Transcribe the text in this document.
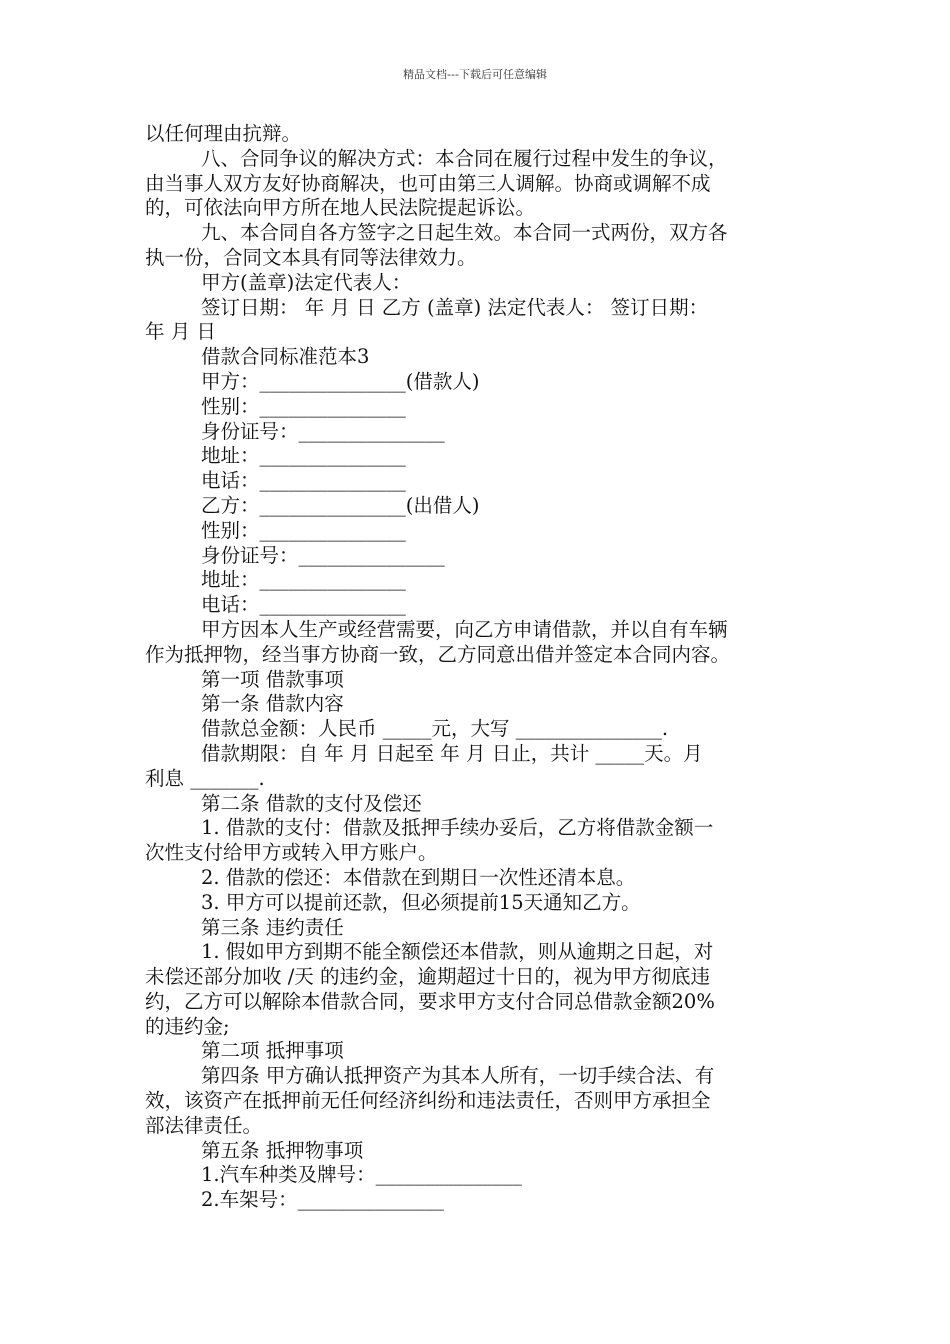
精品文档---下载后可任意编辑
以任何理由抗辩。
八、合同争议的解决方式：本合同在履行过程中发生的争议，
由当事人双方友好协商解决，也可由第三人调解。协商或调解不成
的，可依法向甲方所在地人民法院提起诉讼。
九、本合同自各方签字之日起生效。本合同一式两份，双方各
执一份，合同文本具有同等法律效力。
甲方(盖章)法定代表人：
签订日期： 年 月 日 乙方 (盖章) 法定代表人： 签订日期：
年 月 日
借款合同标准范本3
甲方：_______________(借款人)
性别：_______________
身份证号：_______________
地址：_______________
电话：_______________
乙方：_______________(出借人)
性别：_______________
身份证号：_______________
地址：_______________
电话：_______________
甲方因本人生产或经营需要，向乙方申请借款，并以自有车辆
作为抵押物，经当事方协商一致，乙方同意出借并签定本合同内容。
第一项 借款事项
第一条 借款内容
借款总金额：人民币 _____元，大写 _______________.
借款期限：自 年 月 日起至 年 月 日止，共计 _____天。月
利息 _______.
第二条 借款的支付及偿还
1. 借款的支付：借款及抵押手续办妥后，乙方将借款金额一
次性支付给甲方或转入甲方账户。
2. 借款的偿还：本借款在到期日一次性还清本息。
3. 甲方可以提前还款，但必须提前15天通知乙方。
第三条 违约责任
1. 假如甲方到期不能全额偿还本借款，则从逾期之日起，对
未偿还部分加收 /天 的违约金，逾期超过十日的，视为甲方彻底违
约，乙方可以解除本借款合同，要求甲方支付合同总借款金额20%
的违约金;
第二项 抵押事项
第四条 甲方确认抵押资产为其本人所有，一切手续合法、有
效，该资产在抵押前无任何经济纠纷和违法责任，否则甲方承担全
部法律责任。
第五条 抵押物事项
1.汽车种类及牌号：_______________
2.车架号：_______________
